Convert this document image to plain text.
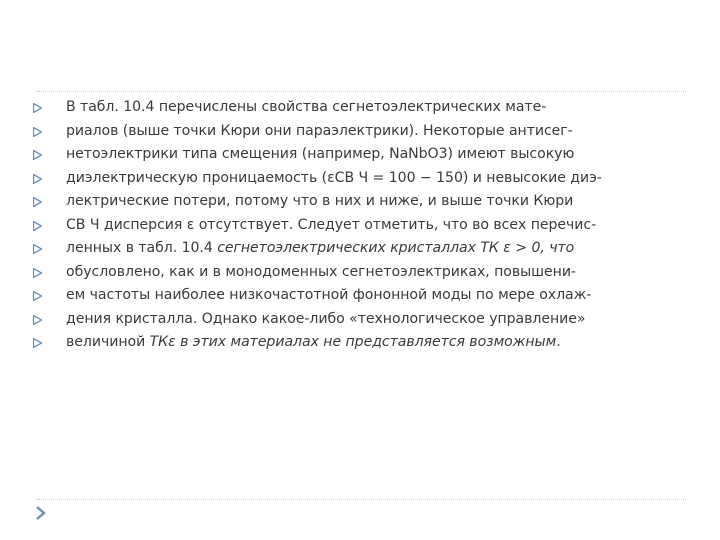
В табл. 10.4 перечислены свойства сегнетоэлектрических мате-
риалов (выше точки Кюри они параэлектрики). Некоторые антисег-
нетоэлектрики типа смещения (например, NaNbO3) имеют высокую
диэлектрическую проницаемость (εСВ Ч = 100 − 150) и невысокие диэ-
лектрические потери, потому что в них и ниже, и выше точки Кюри
СВ Ч дисперсия ε отсутствует. Следует отметить, что во всех перечис-
ленных в табл. 10.4 сегнетоэлектрических кристаллах ТК ε > 0, что
обусловлено, как и в монодоменных сегнетоэлектриках, повышени-
ем частоты наиболее низкочастотной фононной моды по мере охлаж-
дения кристалла. Однако какое-либо «технологическое управление»
величиной ТКε в этих материалах не представляется возможным.
